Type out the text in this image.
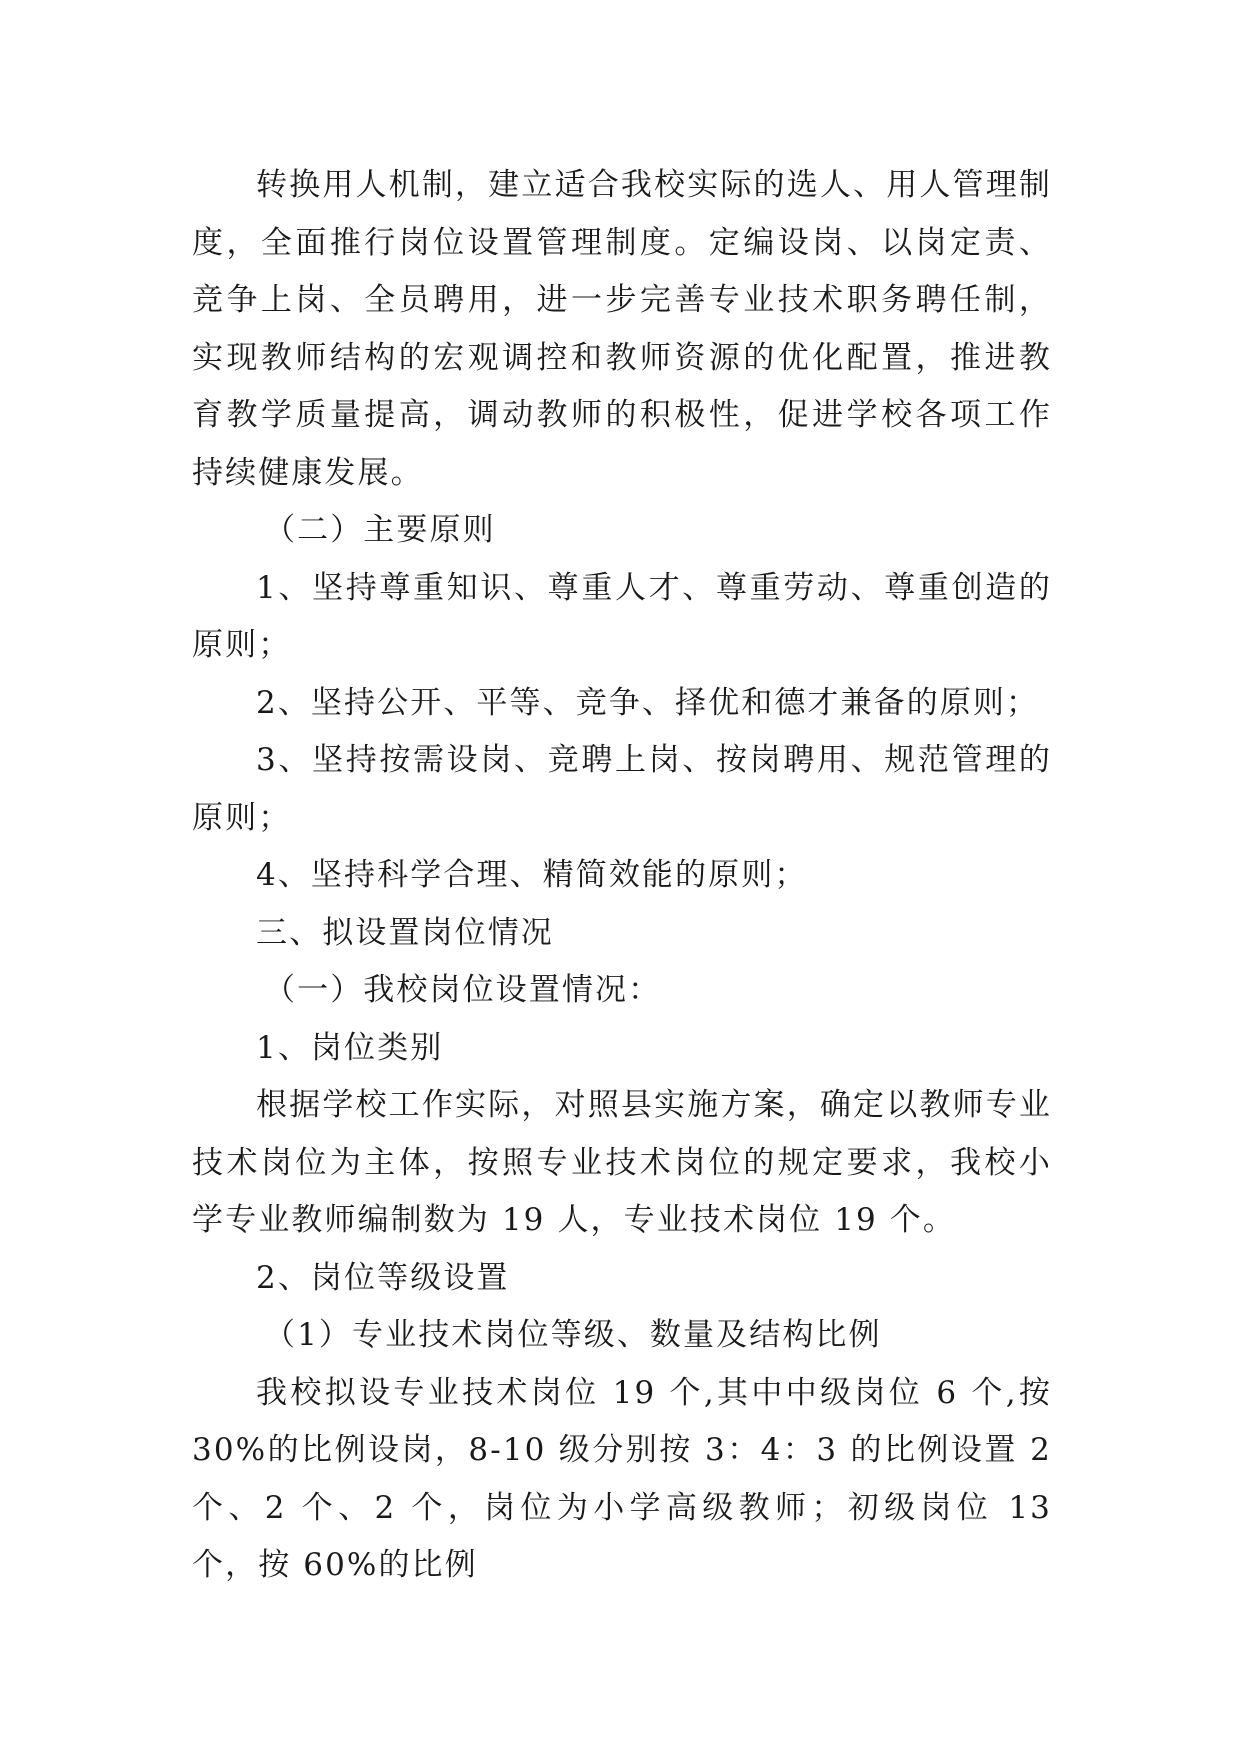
转换用人机制，建立适合我校实际的选人、用人管理制度，全面推行岗位设置管理制度。定编设岗、以岗定责、竞争上岗、全员聘用，进一步完善专业技术职务聘任制，实现教师结构的宏观调控和教师资源的优化配置，推进教育教学质量提高，调动教师的积极性，促进学校各项工作持续健康发展。

（二）主要原则

1、坚持尊重知识、尊重人才、尊重劳动、尊重创造的原则；

2、坚持公开、平等、竞争、择优和德才兼备的原则；

3、坚持按需设岗、竞聘上岗、按岗聘用、规范管理的原则；

4、坚持科学合理、精简效能的原则；

三、拟设置岗位情况

（一）我校岗位设置情况：

1、岗位类别

根据学校工作实际，对照县实施方案，确定以教师专业技术岗位为主体，按照专业技术岗位的规定要求，我校小学专业教师编制数为 19 人，专业技术岗位 19 个。

2、岗位等级设置

（1）专业技术岗位等级、数量及结构比例

我校拟设专业技术岗位 19 个,其中中级岗位 6 个,按 30%的比例设岗，8-10 级分别按 3：4：3 的比例设置 2 个、2 个、2 个，岗位为小学高级教师；初级岗位 13 个，按 60%的比例
